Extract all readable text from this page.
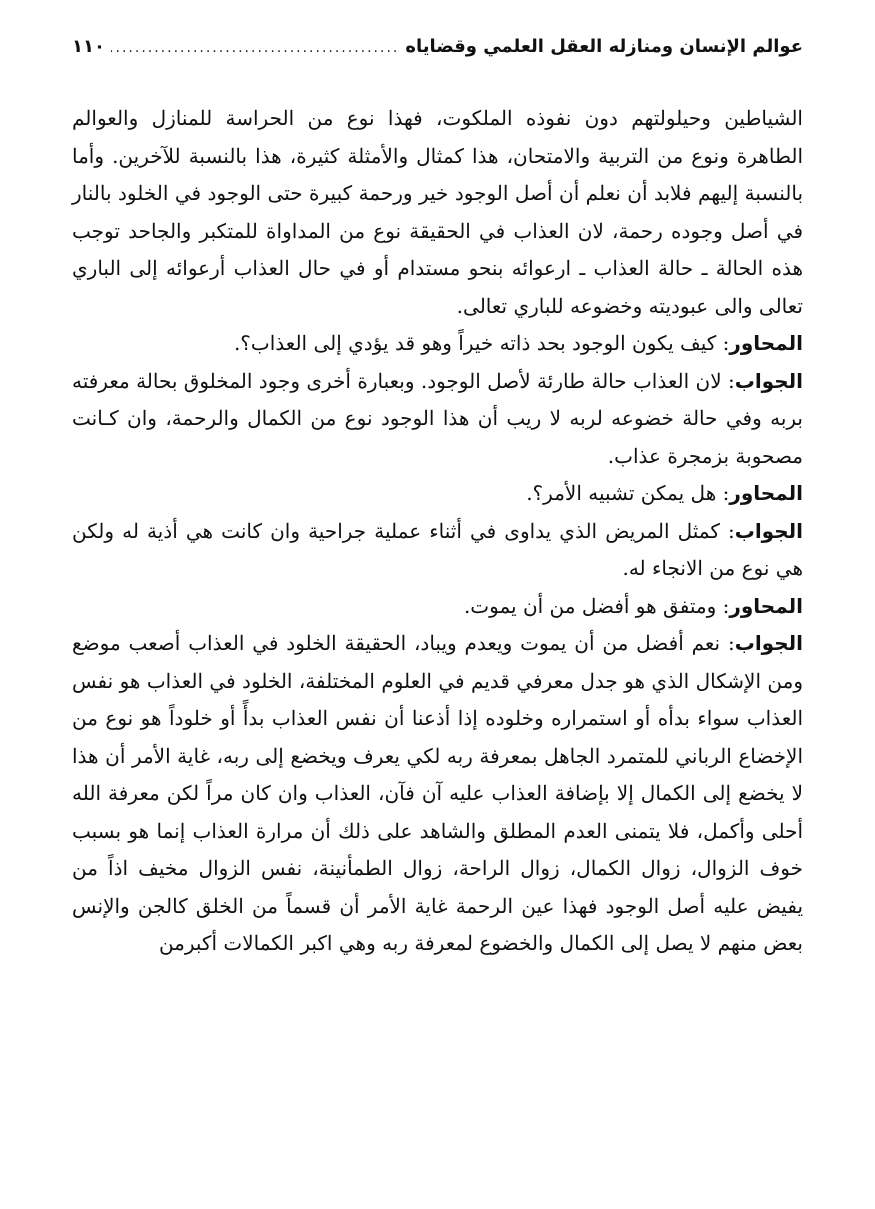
عوالم الإنسان ومنازله العقل العلمي وقضاياه
.....
١١٠

الشياطين وحيلولتهم دون نفوذه الملكوت، فهذا نوع من الحراسة للمنازل والعوالم الطاهرة ونوع من التربية والامتحان، هذا كمثال والأمثلة كثيرة، هذا بالنسبة للآخرين. وأما بالنسبة إليهم فلابد أن نعلم أن أصل الوجود خير ورحمة كبيرة حتى الوجود في الخلود بالنار في أصل وجوده رحمة، لان العذاب في الحقيقة نوع من المداواة للمتكبر والجاحد توجب هذه الحالة ـ حالة العذاب ـ ارعوائه بنحو مستدام أو في حال العذاب أرعوائه إلى الباري تعالى والى عبوديته وخضوعه للباري تعالى.

المحاور: كيف يكون الوجود بحد ذاته خيراً وهو قد يؤدي إلى العذاب؟.

الجواب: لان العذاب حالة طارئة لأصل الوجود. وبعبارة أخرى وجود المخلوق بحالة معرفته بربه وفي حالة خضوعه لربه لا ريب أن هذا الوجود نوع من الكمال والرحمة، وان كـانت مصحوبة بزمجرة عذاب.

المحاور: هل يمكن تشبيه الأمر؟.

الجواب: كمثل المريض الذي يداوى في أثناء عملية جراحية وان كانت هي أذية له ولكن هي نوع من الانجاء له.

المحاور: ومتفق هو أفضل من أن يموت.

الجواب: نعم أفضل من أن يموت ويعدم ويباد، الحقيقة الخلود في العذاب أصعب موضع ومن الإشكال الذي هو جدل معرفي قديم في العلوم المختلفة، الخلود في العذاب هو نفس العذاب سواء بدأه أو استمراره وخلوده إذا أذعنا أن نفس العذاب بدأً أو خلوداً هو نوع من الإخضاع الرباني للمتمرد الجاهل بمعرفة ربه لكي يعرف ويخضع إلى ربه، غاية الأمر أن هذا لا يخضع إلى الكمال إلا بإضافة العذاب عليه آن فآن، العذاب وان كان مراً لكن معرفة الله أحلى وأكمل، فلا يتمنى العدم المطلق والشاهد على ذلك أن مرارة العذاب إنما هو بسبب خوف الزوال، زوال الكمال، زوال الراحة، زوال الطمأنينة، نفس الزوال مخيف اذاً من يفيض عليه أصل الوجود فهذا عين الرحمة غاية الأمر أن قسماً من الخلق كالجن والإنس بعض منهم لا يصل إلى الكمال والخضوع لمعرفة ربه وهي اكبر الكمالات أكبرمن
